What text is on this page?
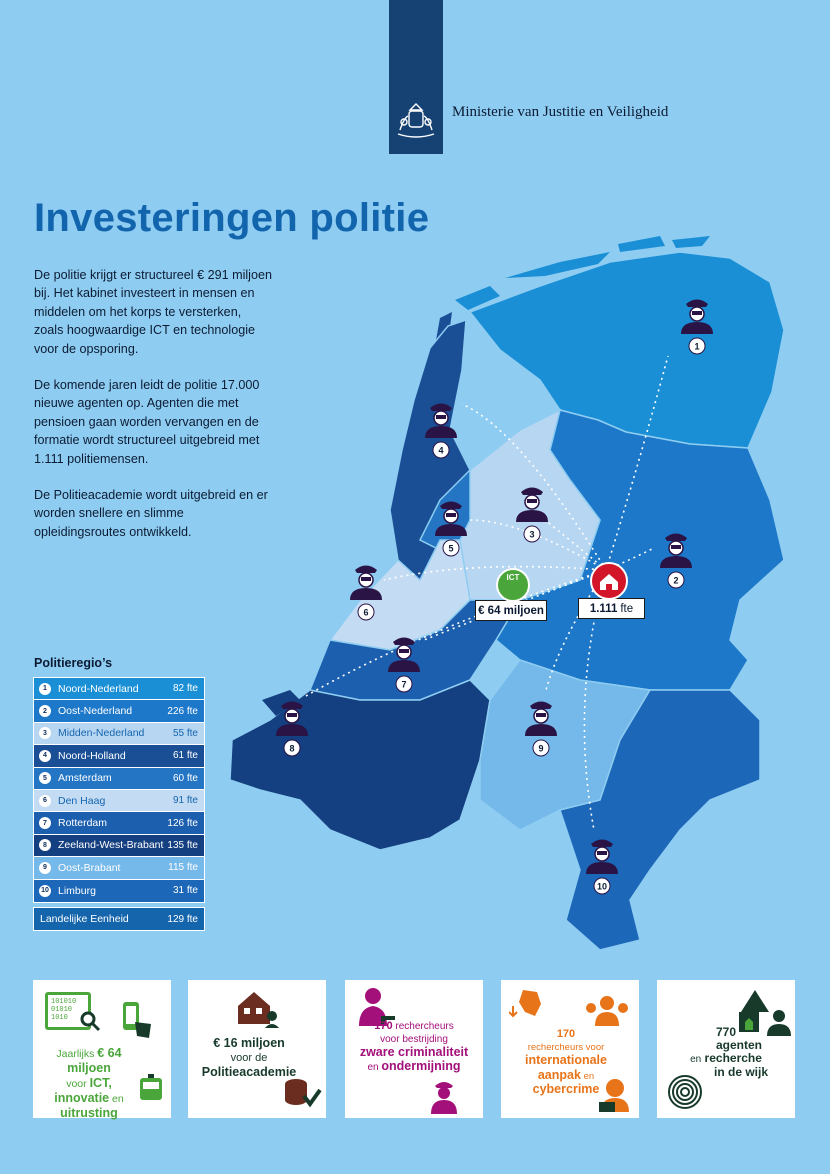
Ministerie van Justitie en Veiligheid
Investeringen politie

De politie krijgt er structureel € 291 miljoen bij. Het kabinet investeert in mensen en middelen om het korps te versterken, zoals hoogwaardige ICT en technologie voor de opsporing.

De komende jaren leidt de politie 17.000 nieuwe agenten op. Agenten die met pensioen gaan worden vervangen en de formatie wordt structureel uitgebreid met 1.111 politiemensen.

De Politieacademie wordt uitgebreid en er worden snellere en slimme opleidingsroutes ontwikkeld.

1
2
3
4
5
6
7
8	9
10
1.111 fte
€ 64 miljoen
ICT
Politieregio’s
1	Noord-Nederland	82 fte
2	Oost-Nederland	226 fte
3	Midden-Nederland	55 fte
4	Noord-Holland	61 fte
5	Amsterdam	60 fte
6	Den Haag	91 fte
7	Rotterdam	126 fte
8	Zeeland-West-Brabant 135 fte
9	Oost-Brabant	115 fte
10 Limburg	31 fte
Landelijke Eenheid	129 fte
101010
01010
1010
Jaarlijks € 64 miljoen
voor ICT,
innovatie en
uitrusting
€ 16 miljoen
voor de
Politieacademie
170 rechercheurs
voor bestrijding
zware criminaliteit
en ondermijning
170
rechercheurs voor
internationale
aanpak en
cybercrime
770
agenten
en recherche
in de wijk
